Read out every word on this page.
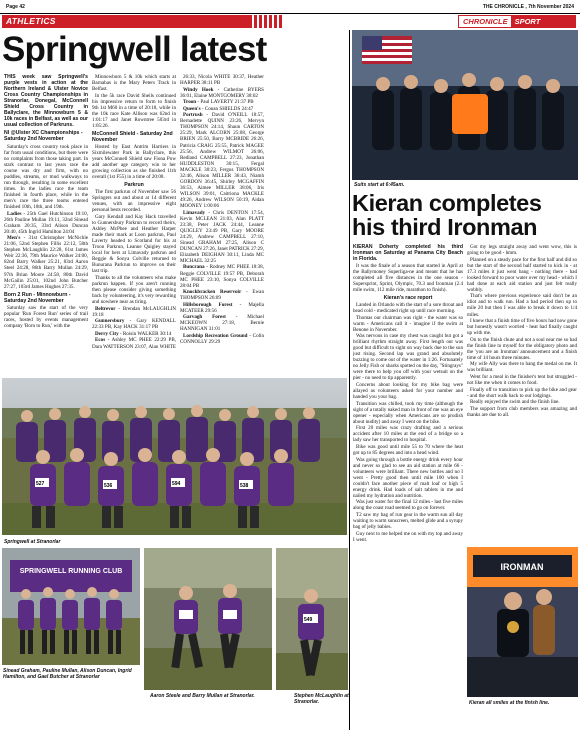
Page 42	THE CHRONICLE , 7th November 2024
ATHLETICS	CHRONICLE SPORT
Springwell latest

THIS week saw Springwell's purple vests in action at the Northern Ireland & Ulster Novice Cross Country Championships in Stranorlar, Donegal, McConnell Shield Cross Country in Ballyclare, the Minnowburn 5 & 10k races in Belfast, as well as our usual collection of Parkruns.

NI @Ulster XC Championships - Saturday 2nd November

Saturday's cross country took place in far from usual conditions, but there were no complaints from those taking part. In stark contrast to last years race the course was dry and firm, with no puddles, streams, or mud walkways to run through, resulting in some excellent times. In the ladies race the team finished in fourth place, while in the men's race the three teams entered finished 10th, 18th, and 19th.

Ladies - 25th Gael Hutchinson 19:10, 26th Pauline Mullan 19:11, 32nd Sinead Graham 20:35, 33rd Alison Duncan 20:40, 45th Ingrid Hamilton 24:04

Men's - 31st Christopher McNichle 21:06, 52nd Stephen Fillis 22:12, 58th Stephen McLaughlin 22:28, 61st James Weir 22:36, 79th Maurice Walker 24:00, 82nd Barry Walker 25:21, 83rd Aaron Steel 24:28, 86th Barry Mullan 24:29, 97th Brian Moore 24:58, 80th David McGailin 25:01, 102nd John Butcher 27:27, 103rd James Hughes 27:35.

Born 2 Run - Minnowburn - Saturday 2nd November

Saturday saw the start of the very popular 'Run Forest Run' series of trail races, hosted by events management company 'Born to Run,' with the

Minnowburn 5 & 10k which starts at Barnabas is the Mary Peters Track in Belfast.

In the 5k race David Sheils continued his impressive return to form to finish 9th 1st M60 in a time of 20:18, while in the 10k race Kate Allison was 62nd in 1:01:17 and Janet Rowntree 503rd in 1:05:26.

McConnell Shield - Saturday 2nd November

Hosted by East Antrim Harriers in Sixmilewater Park in Ballyclare, this years McConnell Shield saw Fiona Pow add another age category win to her growing collection as she finished 11th overall (1st F55) in a time of 20:08.

Parkrun

The first parkrun of November saw 56 Springers out and about at 14 different venues, with an impressive eight personal bests recorded.

Gary Kendall and Kay Hack travelled to Gunnersbury Parkrun to record theirs, Ashley McPhee and Heather Harper made their mark at Loon parkrun, Paul Laverty headed to Scotland for his at Troon Parkrun, Leanne Quigley stayed local for hers at Limavady parkrun and Reggie & Sonya Colville returned to Bunurana Parkrun to improve on their last trip.

Thanks to all the volunteers who make parkrun happen. If you aren't running then please consider giving something back by volunteering, it's very rewarding and nowhere near as tiring.

Beltrevor - Brendan McLAUGHLIN 19:18

Gunnersbury - Gary KENDALL 22:33 PB, Kay HACK 31:17 PB

Derry City - Roisin WALKER 30:14

Ecos - Ashley MC PHEE 22:29 PB, Dara WATTERSON 23:07, Alan WHITE

26:33, Nicola WHITE 30:37, Heather HARPER 38:11 PB

Windy Hoek - Catherine BYERS 36:01, Elaine MONTGOMERY 38:02

Troon - Paul LAVERTY 21:37 PB

Queen's - Conan SHIELDS 24:47

Portrush - David O'NEILL 18:57, Bernadette QUINN 23:26, Mervyn THOMPSON 24:14, Shaun CARTON 25:29, Mark ALCORN 25:08, George BRIEN 25:50, Barry MCBRIDE 26:26, Patricia CRAIG 25:55, Patrick MAGEE 25:56, Andrew WILMOT 26:06, Redland CAMPBELL 27:23, Jonathan HUDDLESTON 30:15, Fergal MACKLE 30:23, Fergus THOMPSON 32:46, Alison MILLER 36:43, Niamh GORDON 36:45, Shirley MCGAFFIN 36:53, Aimee MILLER 38:06, Iris WILSON 39:01, Caitriona MACKLE 49:26, Andrew WILSON 50:19, Aidan MOONEY 1:00:06

Limavady - Chris DENTON 17:54, Kevin MCLEAN 21:03, Alan PLATT 23:38, Peter JACK 24:44, Leanne QUIGLEY 23:49 PB, Gary MOORE 24:29, Andrew CAMPBELL 27:10, Sinead GRAHAM 27:25, Alison C DUNCAN 27:26, Janet PATRICK 27:29, Elizabeth DEIGHAN 30:11, Linda MC MICHAEL 32:25

Buncrana - Rodney MC PHEE 18:38, Reggie COLVILLE 19:57 PB, Deborah MC PHEE 23:10, Sonya COLVILLE 28:04 PB

Knockbracken Reservoir - Ewan THOMPSON 26:09

Hillsborough Forest - Majella MCATEER 29:56

Garvagh Forest - Michael MCKEOWN 27:18, Bernie HANNIGAN 31:01

Lordship Recreation Ground - Colin CONNOLLY 29:29

527	536	594	538
Springwell at Stranorlar
SPRINGWELL RUNNING CLUB
Sinead Graham, Pauline Mullan, Alison Duncan, Ingrid Hamilton, and Gael Butcher at Stranorlar
Aaron Steele and Barry Mullan at Stranorlar.
549
Stephen McLaughlin at Stranorlar.
Suits start at 6:45am.
Kieran completes his third Ironman

KIERAN Doherty completed his third Ironman on Saturday at Panama City Beach in Florida.

It was the finale of a season that started in April at the Ballymoney Superliga-ne and meant that he has completed all five distances in the one season - Supersprint, Sprint, Olympic, 70.3 and Ironman (2.4 mile swim, 112 mile ride, marathon to finish).

Kieran's race report

Landed in Orlando with the start of a sore throat and head cold - medicated right up until race morning.

Thomas our chairman was right - the water was so warm - Americans call it - imagine if the swim at Benone in November.

Was nervous in case my chest was caught but got a brilliant rhythm straight away. First length out was good but difficult to sight on way back due to the sun just rising. Second lap was grand and absolutely buzzing to come out of the water in 1:26. Fortunately no Jelly Fish or sharks spotted on the day, "Stingrays" were there to help you off with your wetsuit on the pier - no need to tip apparently.

Concerns about looking for my bike bag were allayed as volunteers asked for your number and handed you your bag.

Transition was chilled, took my time (although the sight of a totally naked man in front of me was an eye opener - especially when Americans are so prudish about nudity) and away I went on the bike.

First 20 miles was crazy drafting and a serious accident after 10 miles at the end of a bridge so a lady saw her transported to hospital.

Bike was good until mile 55 to 70 where the heat got up to 85 degrees and into a head wind.

Was going through a bottle energy drink every hour and never so glad to see an aid station at mile 66 - volunteers were brilliant. There new bottles and no I went - Pretty good then until mile 100 when I couldn't face another piece of malt loaf or high 5 energy drink. Had loads of salt tablets in me and nailed my hydration and nutrition.

Was just water for the final 12 miles - last five miles along the coast road seemed to go on forever.

T2 saw my bag of run gear in the warm sun all day waiting to warm sunscreen, melted glide and a syrupy bag of jelly babies.

Guy next to me helped me on with my top and away I went.

Got my legs straight away and went wow, this is going to be good - hmm.

Planned on a steady pace for the first half and did so but the start of the second half started to kick in - at 17.3 miles it just went bang - nothing there - had looked forward to poor water over my head - which I had done at each aid station and just felt really wobbly.

That's where previous experience said don't be an idiot and to walk run. Had a bad period then up to mile 20 but then I was able to break it down to 1/4 miles.

I knew that a finish time of five hours had now gone but honestly wasn't worried - heat had finally caught up with me.

On to the finish chute and not a soul near me so had the finish line to myself for the obligatory photo and the 'you are an Ironman' announcement and a finish time of 14 hours three minutes.

My wife Ally was there to hang the medal on me. It was brilliant.

Went for a meal in the finisher's tent but struggled - not like me when it comes to food.

Finally off to transition to pick up the bike and gear - and the short walk back to our lodgings.

Really enjoyed the swim and the finish line.

The support from club members was amazing and thanks are due to all.

IRONMAN
Kieran all smiles at the finish line.
